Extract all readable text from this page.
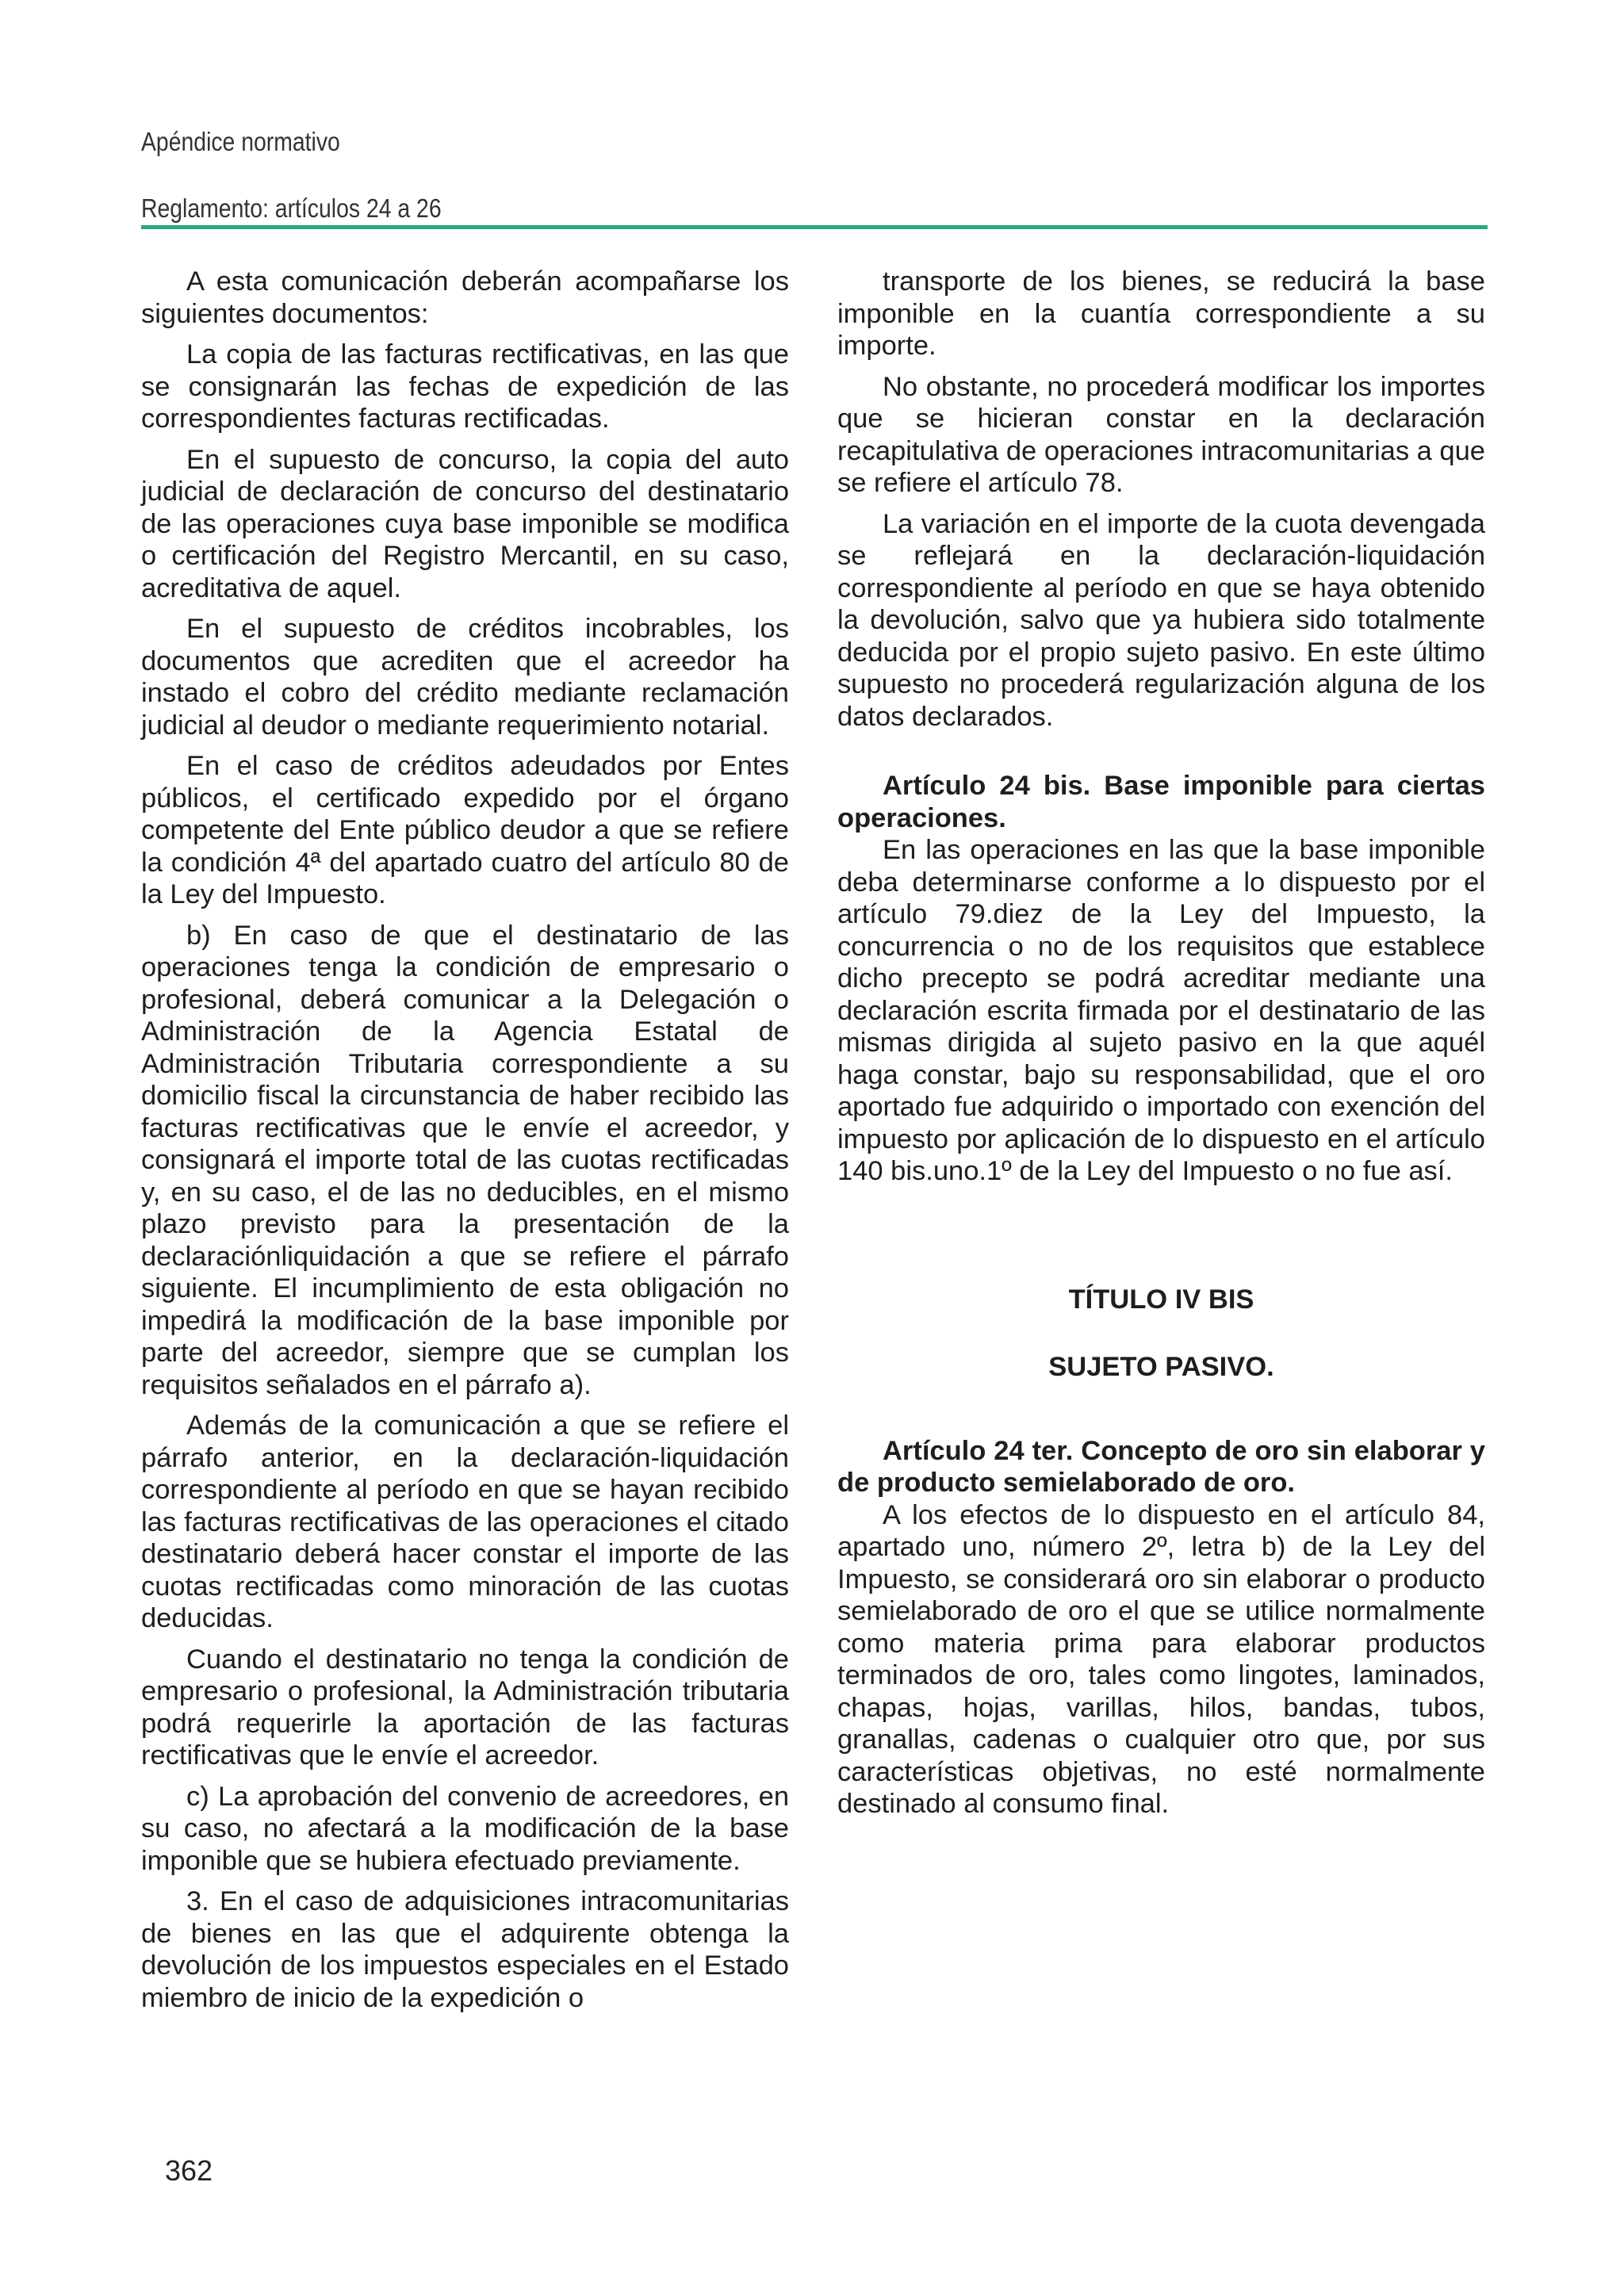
Apéndice normativo
Reglamento: artículos 24 a 26

A esta comunicación deberán acompañarse los siguientes documentos:

La copia de las facturas rectificativas, en las que se consignarán las fechas de expedición de las correspondientes facturas rectificadas.

En el supuesto de concurso, la copia del auto judicial de declaración de concurso del destinatario de las operaciones cuya base imponible se modifica o certificación del Registro Mercantil, en su caso, acreditativa de aquel.

En el supuesto de créditos incobrables, los documentos que acrediten que el acreedor ha instado el cobro del crédito mediante reclamación judicial al deudor o mediante requerimiento notarial.

En el caso de créditos adeudados por Entes públicos, el certificado expedido por el órgano competente del Ente público deudor a que se refiere la condición 4ª del apartado cuatro del artículo 80 de la Ley del Impuesto.

b) En caso de que el destinatario de las operaciones tenga la condición de empresario o profesional, deberá comunicar a la Delegación o Administración de la Agencia Estatal de Administración Tributaria correspondiente a su domicilio fiscal la circunstancia de haber recibido las facturas rectificativas que le envíe el acreedor, y consignará el importe total de las cuotas rectificadas y, en su caso, el de las no deducibles, en el mismo plazo previsto para la presentación de la declaraciónliquidación a que se refiere el párrafo siguiente. El incumplimiento de esta obligación no impedirá la modificación de la base imponible por parte del acreedor, siempre que se cumplan los requisitos señalados en el párrafo a).

Además de la comunicación a que se refiere el párrafo anterior, en la declaración-liquidación correspondiente al período en que se hayan recibido las facturas rectificativas de las operaciones el citado destinatario deberá hacer constar el importe de las cuotas rectificadas como minoración de las cuotas deducidas.

Cuando el destinatario no tenga la condición de empresario o profesional, la Administración tributaria podrá requerirle la aportación de las facturas rectificativas que le envíe el acreedor.

c) La aprobación del convenio de acreedores, en su caso, no afectará a la modificación de la base imponible que se hubiera efectuado previamente.

3. En el caso de adquisiciones intracomunitarias de bienes en las que el adquirente obtenga la devolución de los impuestos especiales en el Estado miembro de inicio de la expedición o

transporte de los bienes, se reducirá la base imponible en la cuantía correspondiente a su importe.

No obstante, no procederá modificar los importes que se hicieran constar en la declaración recapitulativa de operaciones intracomunitarias a que se refiere el artículo 78.

La variación en el importe de la cuota devengada se reflejará en la declaración-liquidación correspondiente al período en que se haya obtenido la devolución, salvo que ya hubiera sido totalmente deducida por el propio sujeto pasivo. En este último supuesto no procederá regularización alguna de los datos declarados.

Artículo 24 bis. Base imponible para ciertas operaciones.

En las operaciones en las que la base imponible deba determinarse conforme a lo dispuesto por el artículo 79.diez de la Ley del Impuesto, la concurrencia o no de los requisitos que establece dicho precepto se podrá acreditar mediante una declaración escrita firmada por el destinatario de las mismas dirigida al sujeto pasivo en la que aquél haga constar, bajo su responsabilidad, que el oro aportado fue adquirido o importado con exención del impuesto por aplicación de lo dispuesto en el artículo 140 bis.uno.1º de la Ley del Impuesto o no fue así.

TÍTULO IV BIS
SUJETO PASIVO.
Artículo 24 ter. Concepto de oro sin elaborar y de producto semielaborado de oro.

A los efectos de lo dispuesto en el artículo 84, apartado uno, número 2º, letra b) de la Ley del Impuesto, se considerará oro sin elaborar o producto semielaborado de oro el que se utilice normalmente como materia prima para elaborar productos terminados de oro, tales como lingotes, laminados, chapas, hojas, varillas, hilos, bandas, tubos, granallas, cadenas o cualquier otro que, por sus características objetivas, no esté normalmente destinado al consumo final.

362
